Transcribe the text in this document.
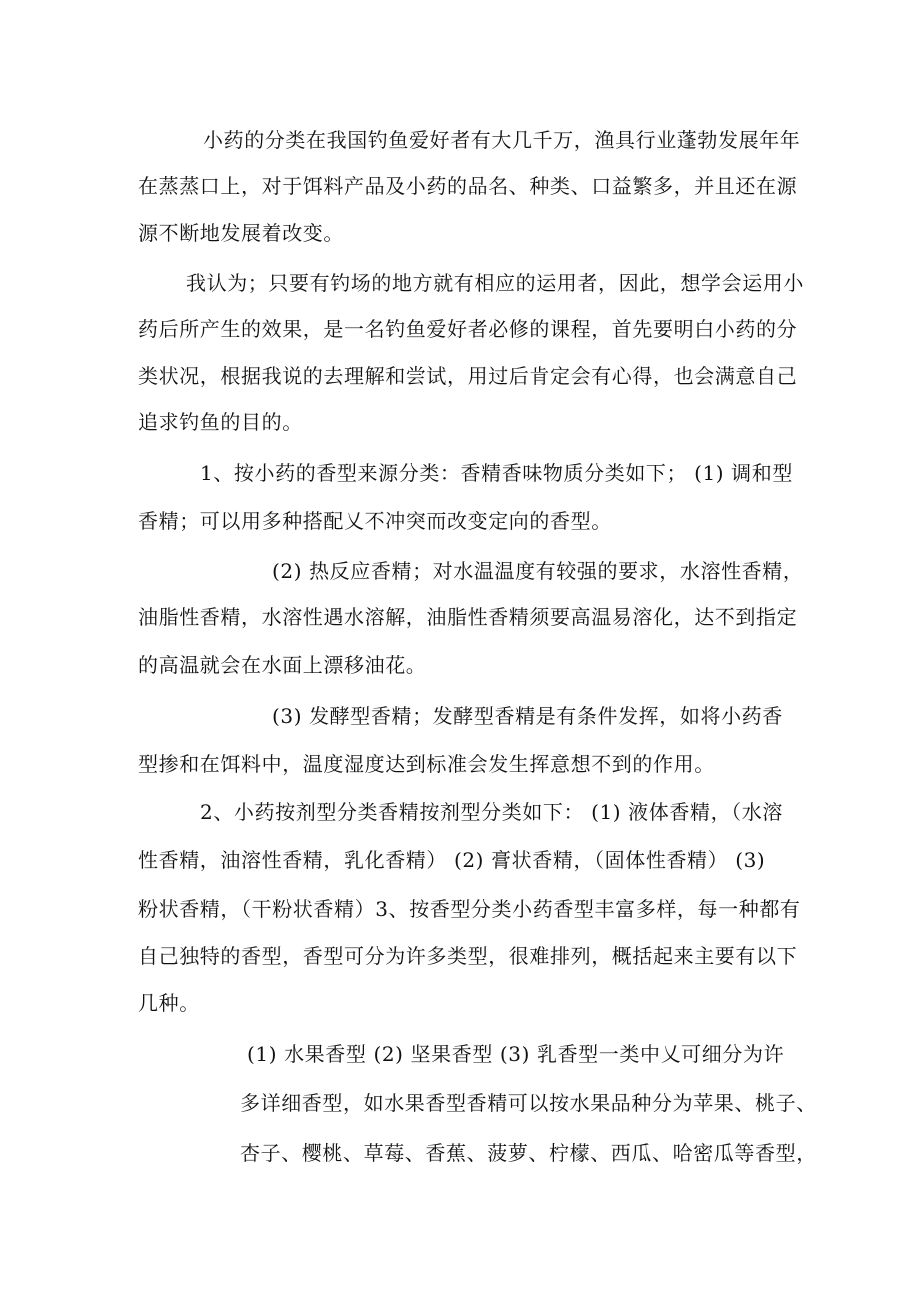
小药的分类在我国钓鱼爱好者有大几千万，渔具行业蓬勃发展年年
在蒸蒸口上，对于饵料产品及小药的品名、种类、口益繁多，并且还在源
源不断地发展着改变。
我认为；只要有钓场的地方就有相应的运用者，因此，想学会运用小
药后所产生的效果，是一名钓鱼爱好者必修的课程，首先要明白小药的分
类状况，根据我说的去理解和尝试，用过后肯定会有心得，也会满意自己
追求钓鱼的目的。
1、按小药的香型来源分类：香精香味物质分类如下； (1) 调和型
香精；可以用多种搭配乂不冲突而改变定向的香型。
(2) 热反应香精；对水温温度有较强的要求，水溶性香精，
油脂性香精，水溶性遇水溶解，油脂性香精须要高温易溶化，达不到指定
的高温就会在水面上漂移油花。
(3) 发酵型香精；发酵型香精是有条件发挥，如将小药香
型掺和在饵料中，温度湿度达到标准会发生挥意想不到的作用。
2、小药按剂型分类香精按剂型分类如下： (1) 液体香精，（水溶
性香精，油溶性香精，乳化香精） (2) 膏状香精，（固体性香精） (3)
粉状香精，（干粉状香精）3、按香型分类小药香型丰富多样，每一种都有
自己独特的香型，香型可分为许多类型，很难排列，概括起来主要有以下
几种。
(1) 水果香型 (2) 坚果香型 (3) 乳香型一类中乂可细分为许
多详细香型，如水果香型香精可以按水果品种分为苹果、桃子、
杏子、樱桃、草莓、香蕉、菠萝、柠檬、西瓜、哈密瓜等香型，
